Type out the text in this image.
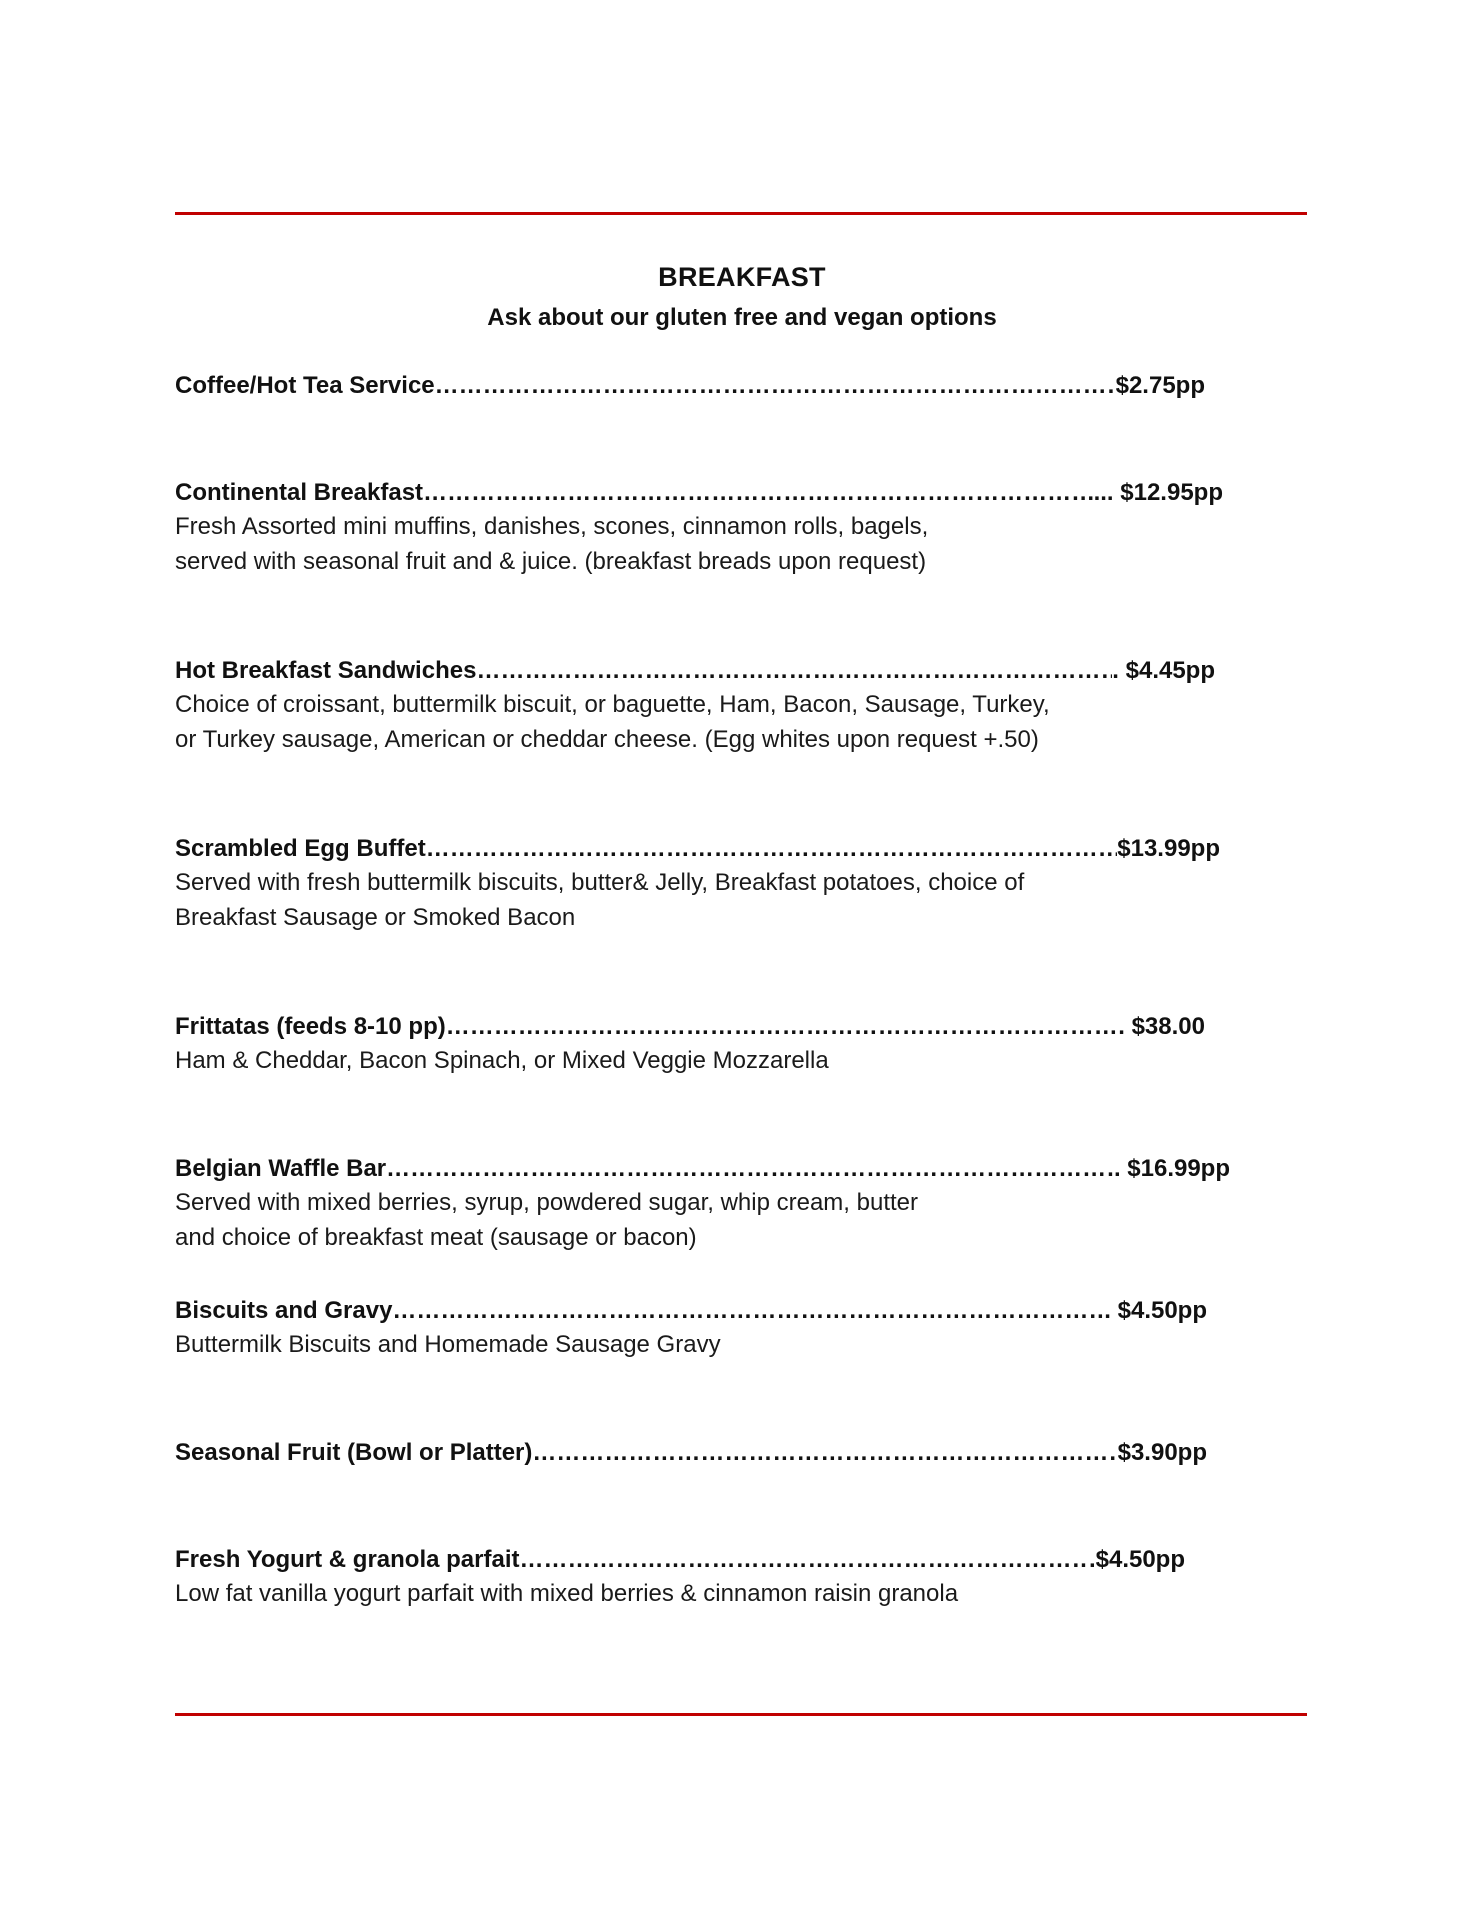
BREAKFAST
Ask about our gluten free and vegan options
Coffee/Hot Tea Service …………………………………………………………………………………………………………………………………………………………………………	$2.75pp
Continental Breakfast …………………………………………………………………………………………………………………………………………………………………………	... $12.95pp
Fresh Assorted mini muffins, danishes, scones, cinnamon rolls, bagels,
served with seasonal fruit and & juice. (breakfast breads upon request)
Hot Breakfast Sandwiches …………………………………………………………………………………………………………………………………………………………………………	. $4.45pp
Choice of croissant, buttermilk biscuit, or baguette, Ham, Bacon, Sausage, Turkey,
or Turkey sausage, American or cheddar cheese. (Egg whites upon request +.50)
Scrambled Egg Buffet …………………………………………………………………………………………………………………………………………………………………………	$13.99pp
Served with fresh buttermilk biscuits, butter& Jelly, Breakfast potatoes, choice of
Breakfast Sausage or Smoked Bacon
Frittatas (feeds 8-10 pp) …………………………………………………………………………………………………………………………………………………………………………	. $38.00
Ham & Cheddar, Bacon Spinach, or Mixed Veggie Mozzarella
Belgian Waffle Bar …………………………………………………………………………………………………………………………………………………………………………	. $16.99pp
Served with mixed berries, syrup, powdered sugar, whip cream, butter
and choice of breakfast meat (sausage or bacon)
Biscuits and Gravy …………………………………………………………………………………………………………………………………………………………………………	. $4.50pp
Buttermilk Biscuits and Homemade Sausage Gravy
Seasonal Fruit (Bowl or Platter) …………………………………………………………………………………………………………………………………………………………………………	$3.90pp
Fresh Yogurt & granola parfait …………………………………………………………………………………………………………………………………………………………………………	.$4.50pp
Low fat vanilla yogurt parfait with mixed berries & cinnamon raisin granola
